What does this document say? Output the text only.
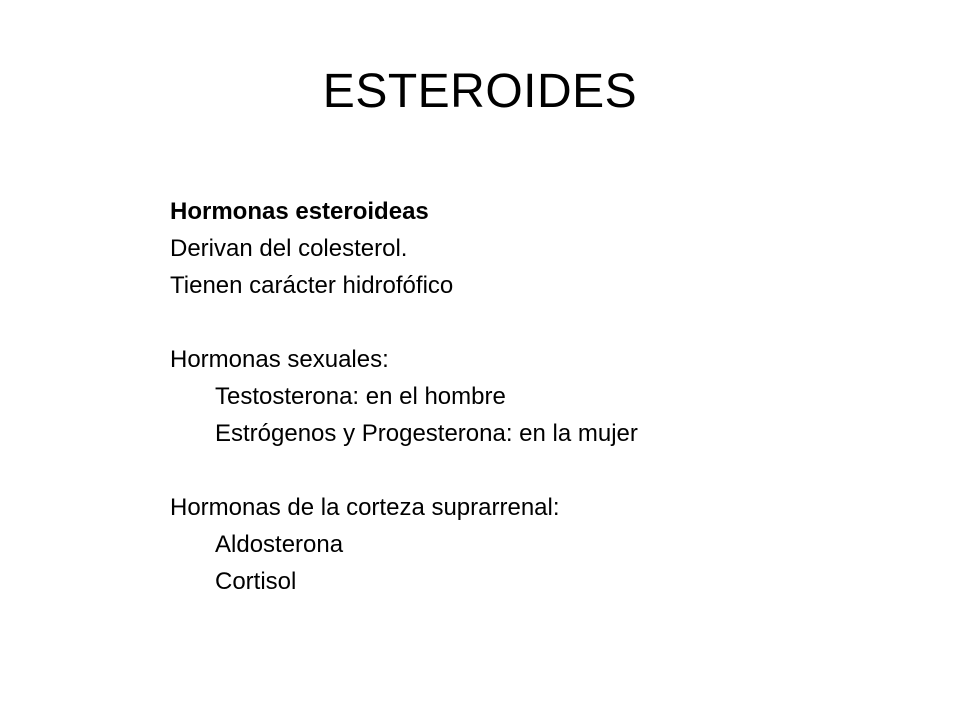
ESTEROIDES
Hormonas esteroideas
Derivan del colesterol.
Tienen carácter hidrofófico
Hormonas sexuales:
Testosterona: en el hombre
Estrógenos y Progesterona: en la mujer
Hormonas de la corteza suprarrenal:
Aldosterona
Cortisol
